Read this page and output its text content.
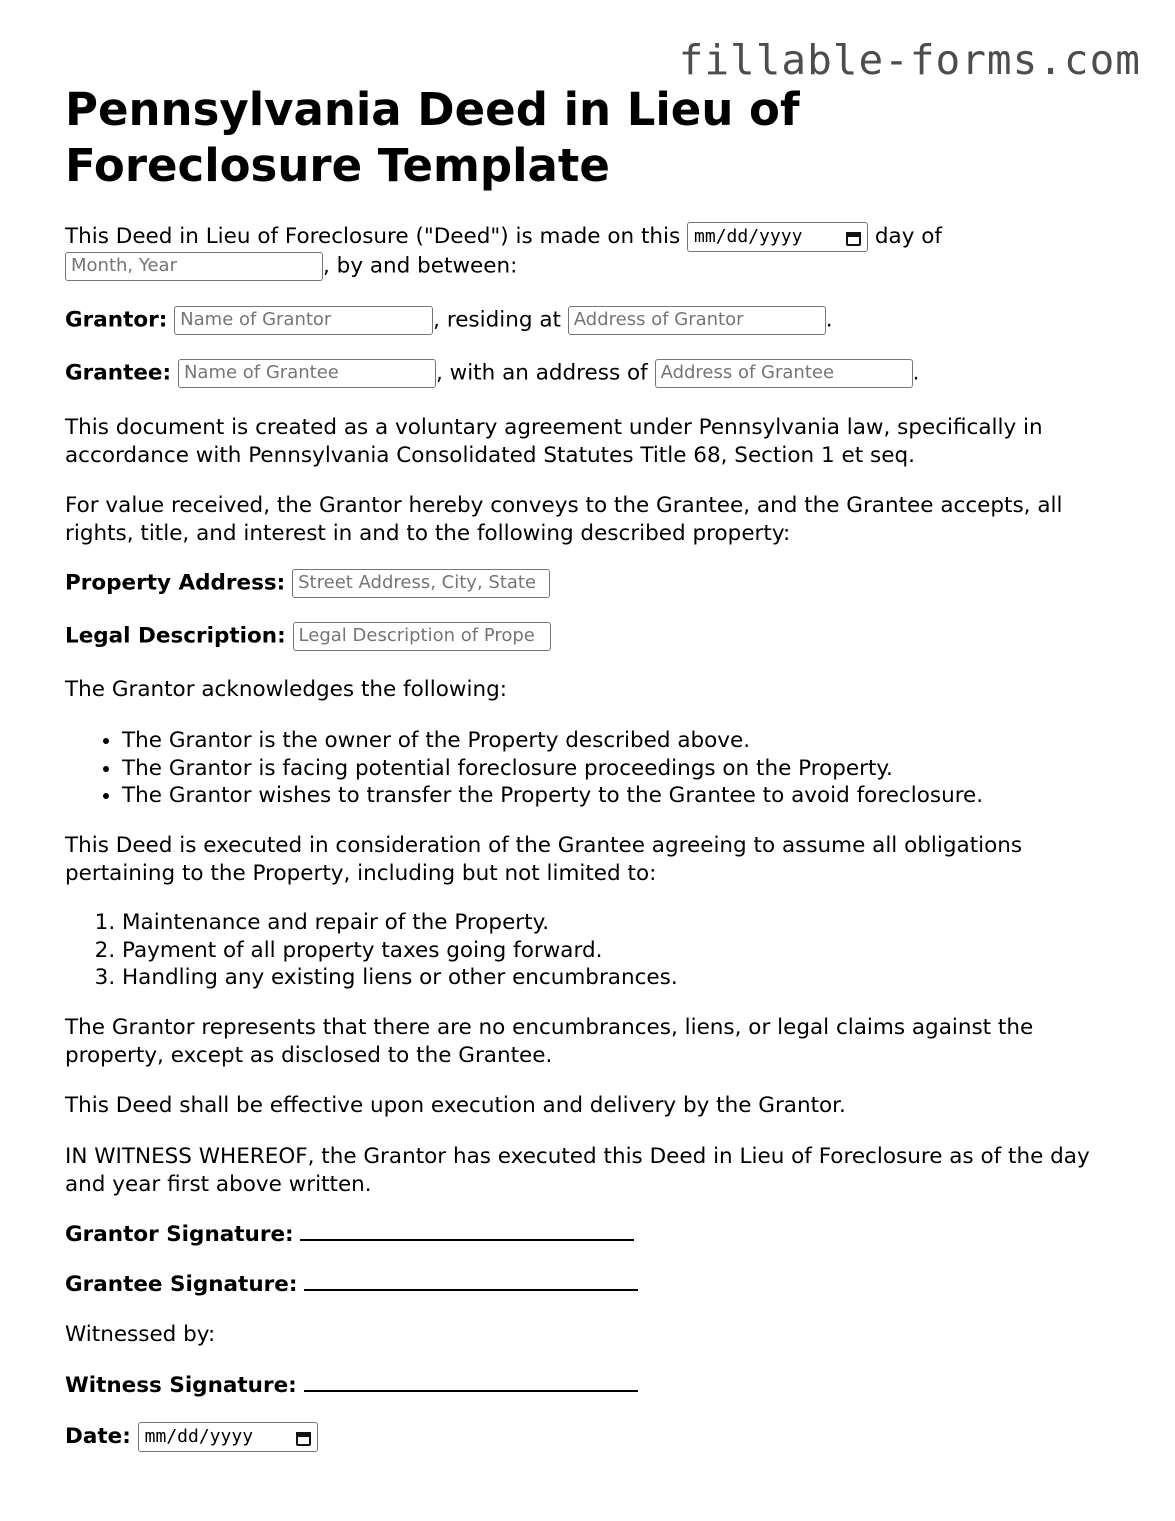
fillable-forms.com
Pennsylvania Deed in Lieu of Foreclosure Template

This Deed in Lieu of Foreclosure ("Deed") is made on this mm/dd/yyyy	day of
Month, Year	, by and between:

Grantor: Name of Grantor	, residing at Address of Grantor	.

Grantee: Name of Grantee	, with an address of Address of Grantee	.

This document is created as a voluntary agreement under Pennsylvania law, specifically in accordance with Pennsylvania Consolidated Statutes Title 68, Section 1 et seq.

For value received, the Grantor hereby conveys to the Grantee, and the Grantee accepts, all rights, title, and interest in and to the following described property:

Property Address: Street Address, City, State

Legal Description: Legal Description of Prope

The Grantor acknowledges the following:

• The Grantor is the owner of the Property described above.
• The Grantor is facing potential foreclosure proceedings on the Property.
• The Grantor wishes to transfer the Property to the Grantee to avoid foreclosure.

This Deed is executed in consideration of the Grantee agreeing to assume all obligations pertaining to the Property, including but not limited to:

1. Maintenance and repair of the Property.
2. Payment of all property taxes going forward.
3. Handling any existing liens or other encumbrances.

The Grantor represents that there are no encumbrances, liens, or legal claims against the property, except as disclosed to the Grantee.

This Deed shall be effective upon execution and delivery by the Grantor.

IN WITNESS WHEREOF, the Grantor has executed this Deed in Lieu of Foreclosure as of the day and year first above written.

Grantor Signature:

Grantee Signature:

Witnessed by:

Witness Signature:

Date: mm/dd/yyyy
